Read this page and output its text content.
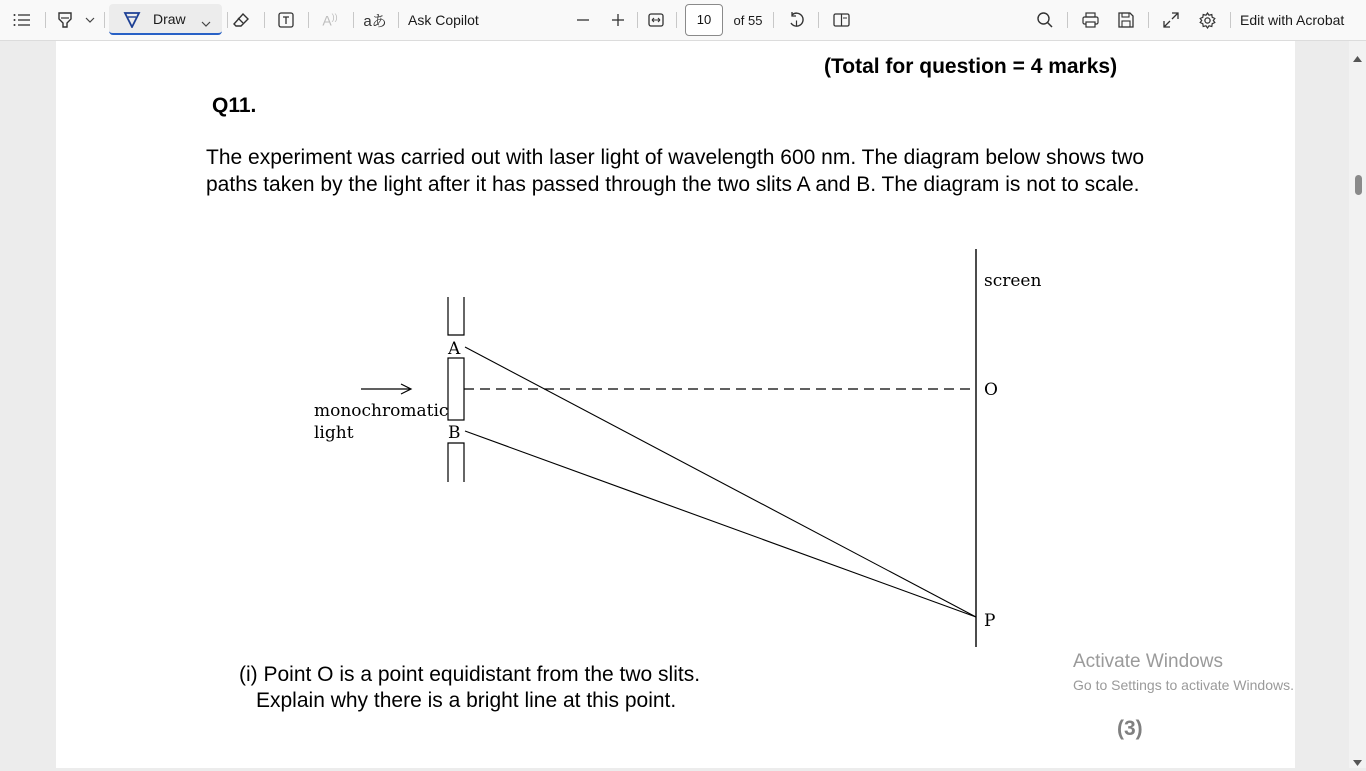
Draw	A)) aあ Ask Copilot	10	of 55	Edit with Acrobat
(Total for question = 4 marks)
Q11.
The experiment was carried out with laser light of wavelength 600 nm. The diagram below shows two paths taken by the light after it has passed through the two slits A and B. The diagram is not to scale.
screen
monochromatic
light
A
B
O
P
(i) Point O is a point equidistant from the two slits.
Explain why there is a bright line at this point.
(3)
Activate Windows
Go to Settings to activate Windows.
